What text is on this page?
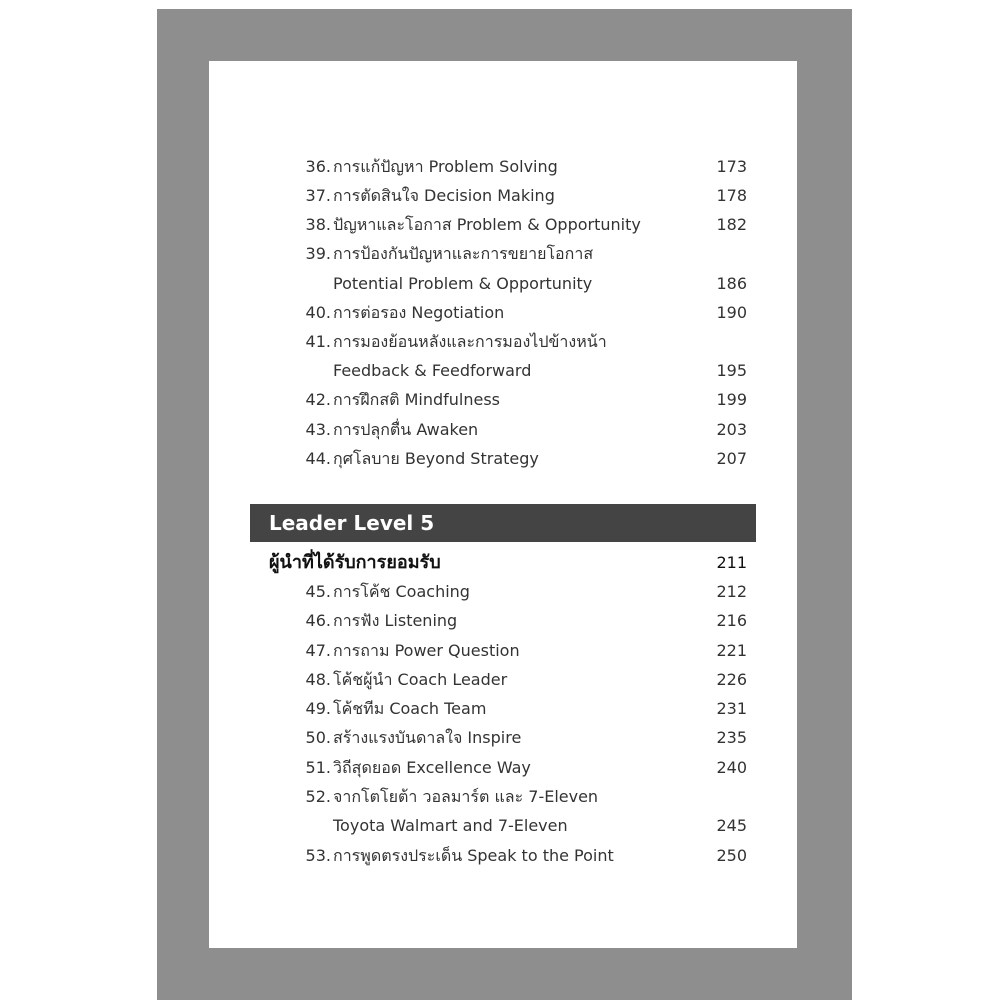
36. การแก้ปัญหา Problem Solving	173
37. การตัดสินใจ Decision Making	178
38. ปัญหาและโอกาส Problem & Opportunity	182
39. การป้องกันปัญหาและการขยายโอกาส
Potential Problem & Opportunity	186
40. การต่อรอง Negotiation	190
41. การมองย้อนหลังและการมองไปข้างหน้า
Feedback & Feedforward	195
42. การฝึกสติ Mindfulness	199
43. การปลุกตื่น Awaken	203
44. กุศโลบาย Beyond Strategy	207
Leader Level 5
ผู้นำที่ได้รับการยอมรับ	211
45. การโค้ช Coaching	212
46. การฟัง Listening	216
47. การถาม Power Question	221
48. โค้ชผู้นำ Coach Leader	226
49. โค้ชทีม Coach Team	231
50. สร้างแรงบันดาลใจ Inspire	235
51. วิถีสุดยอด Excellence Way	240
52. จากโตโยต้า วอลมาร์ต และ 7-Eleven
Toyota Walmart and 7-Eleven	245
53. การพูดตรงประเด็น Speak to the Point	250
